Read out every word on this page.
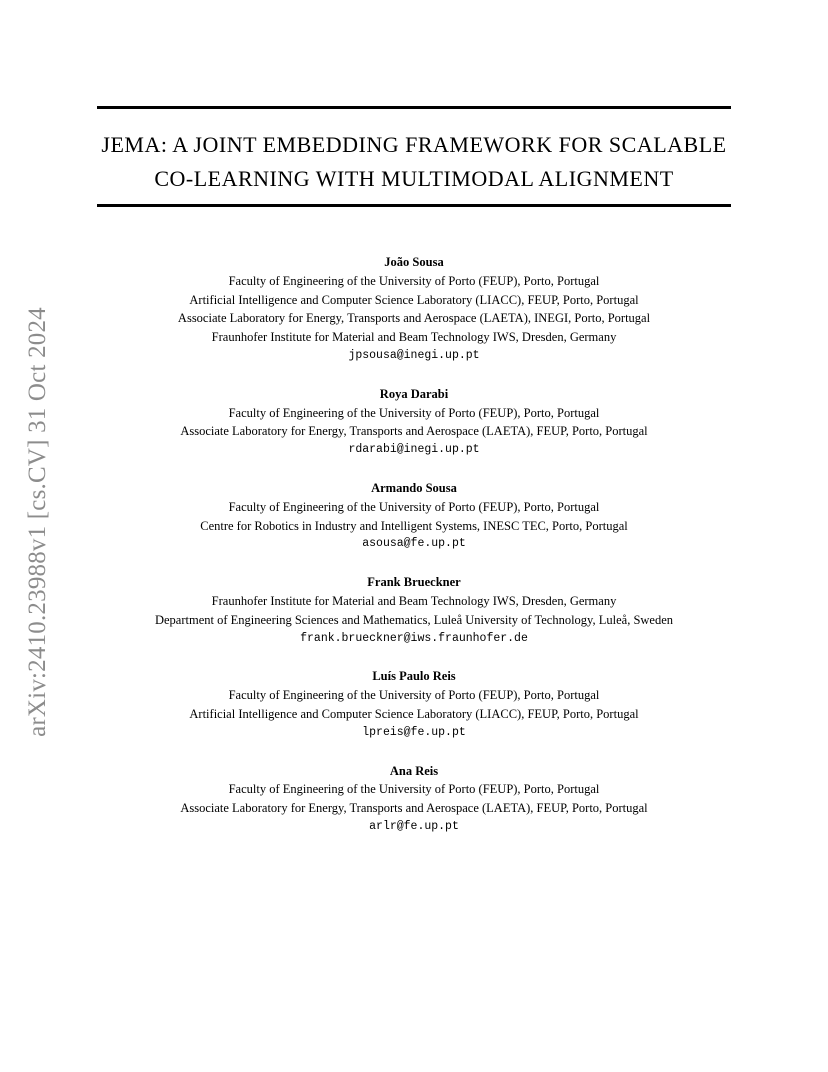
arXiv:2410.23988v1 [cs.CV] 31 Oct 2024
JEMA: A JOINT EMBEDDING FRAMEWORK FOR SCALABLE
CO-LEARNING WITH MULTIMODAL ALIGNMENT
João Sousa
Faculty of Engineering of the University of Porto (FEUP), Porto, Portugal
Artificial Intelligence and Computer Science Laboratory (LIACC), FEUP, Porto, Portugal
Associate Laboratory for Energy, Transports and Aerospace (LAETA), INEGI, Porto, Portugal
Fraunhofer Institute for Material and Beam Technology IWS, Dresden, Germany
jpsousa@inegi.up.pt
Roya Darabi
Faculty of Engineering of the University of Porto (FEUP), Porto, Portugal
Associate Laboratory for Energy, Transports and Aerospace (LAETA), FEUP, Porto, Portugal
rdarabi@inegi.up.pt
Armando Sousa
Faculty of Engineering of the University of Porto (FEUP), Porto, Portugal
Centre for Robotics in Industry and Intelligent Systems, INESC TEC, Porto, Portugal
asousa@fe.up.pt
Frank Brueckner
Fraunhofer Institute for Material and Beam Technology IWS, Dresden, Germany
Department of Engineering Sciences and Mathematics, Luleå University of Technology, Luleå, Sweden
frank.brueckner@iws.fraunhofer.de
Luís Paulo Reis
Faculty of Engineering of the University of Porto (FEUP), Porto, Portugal
Artificial Intelligence and Computer Science Laboratory (LIACC), FEUP, Porto, Portugal
lpreis@fe.up.pt
Ana Reis
Faculty of Engineering of the University of Porto (FEUP), Porto, Portugal
Associate Laboratory for Energy, Transports and Aerospace (LAETA), FEUP, Porto, Portugal
arlr@fe.up.pt
